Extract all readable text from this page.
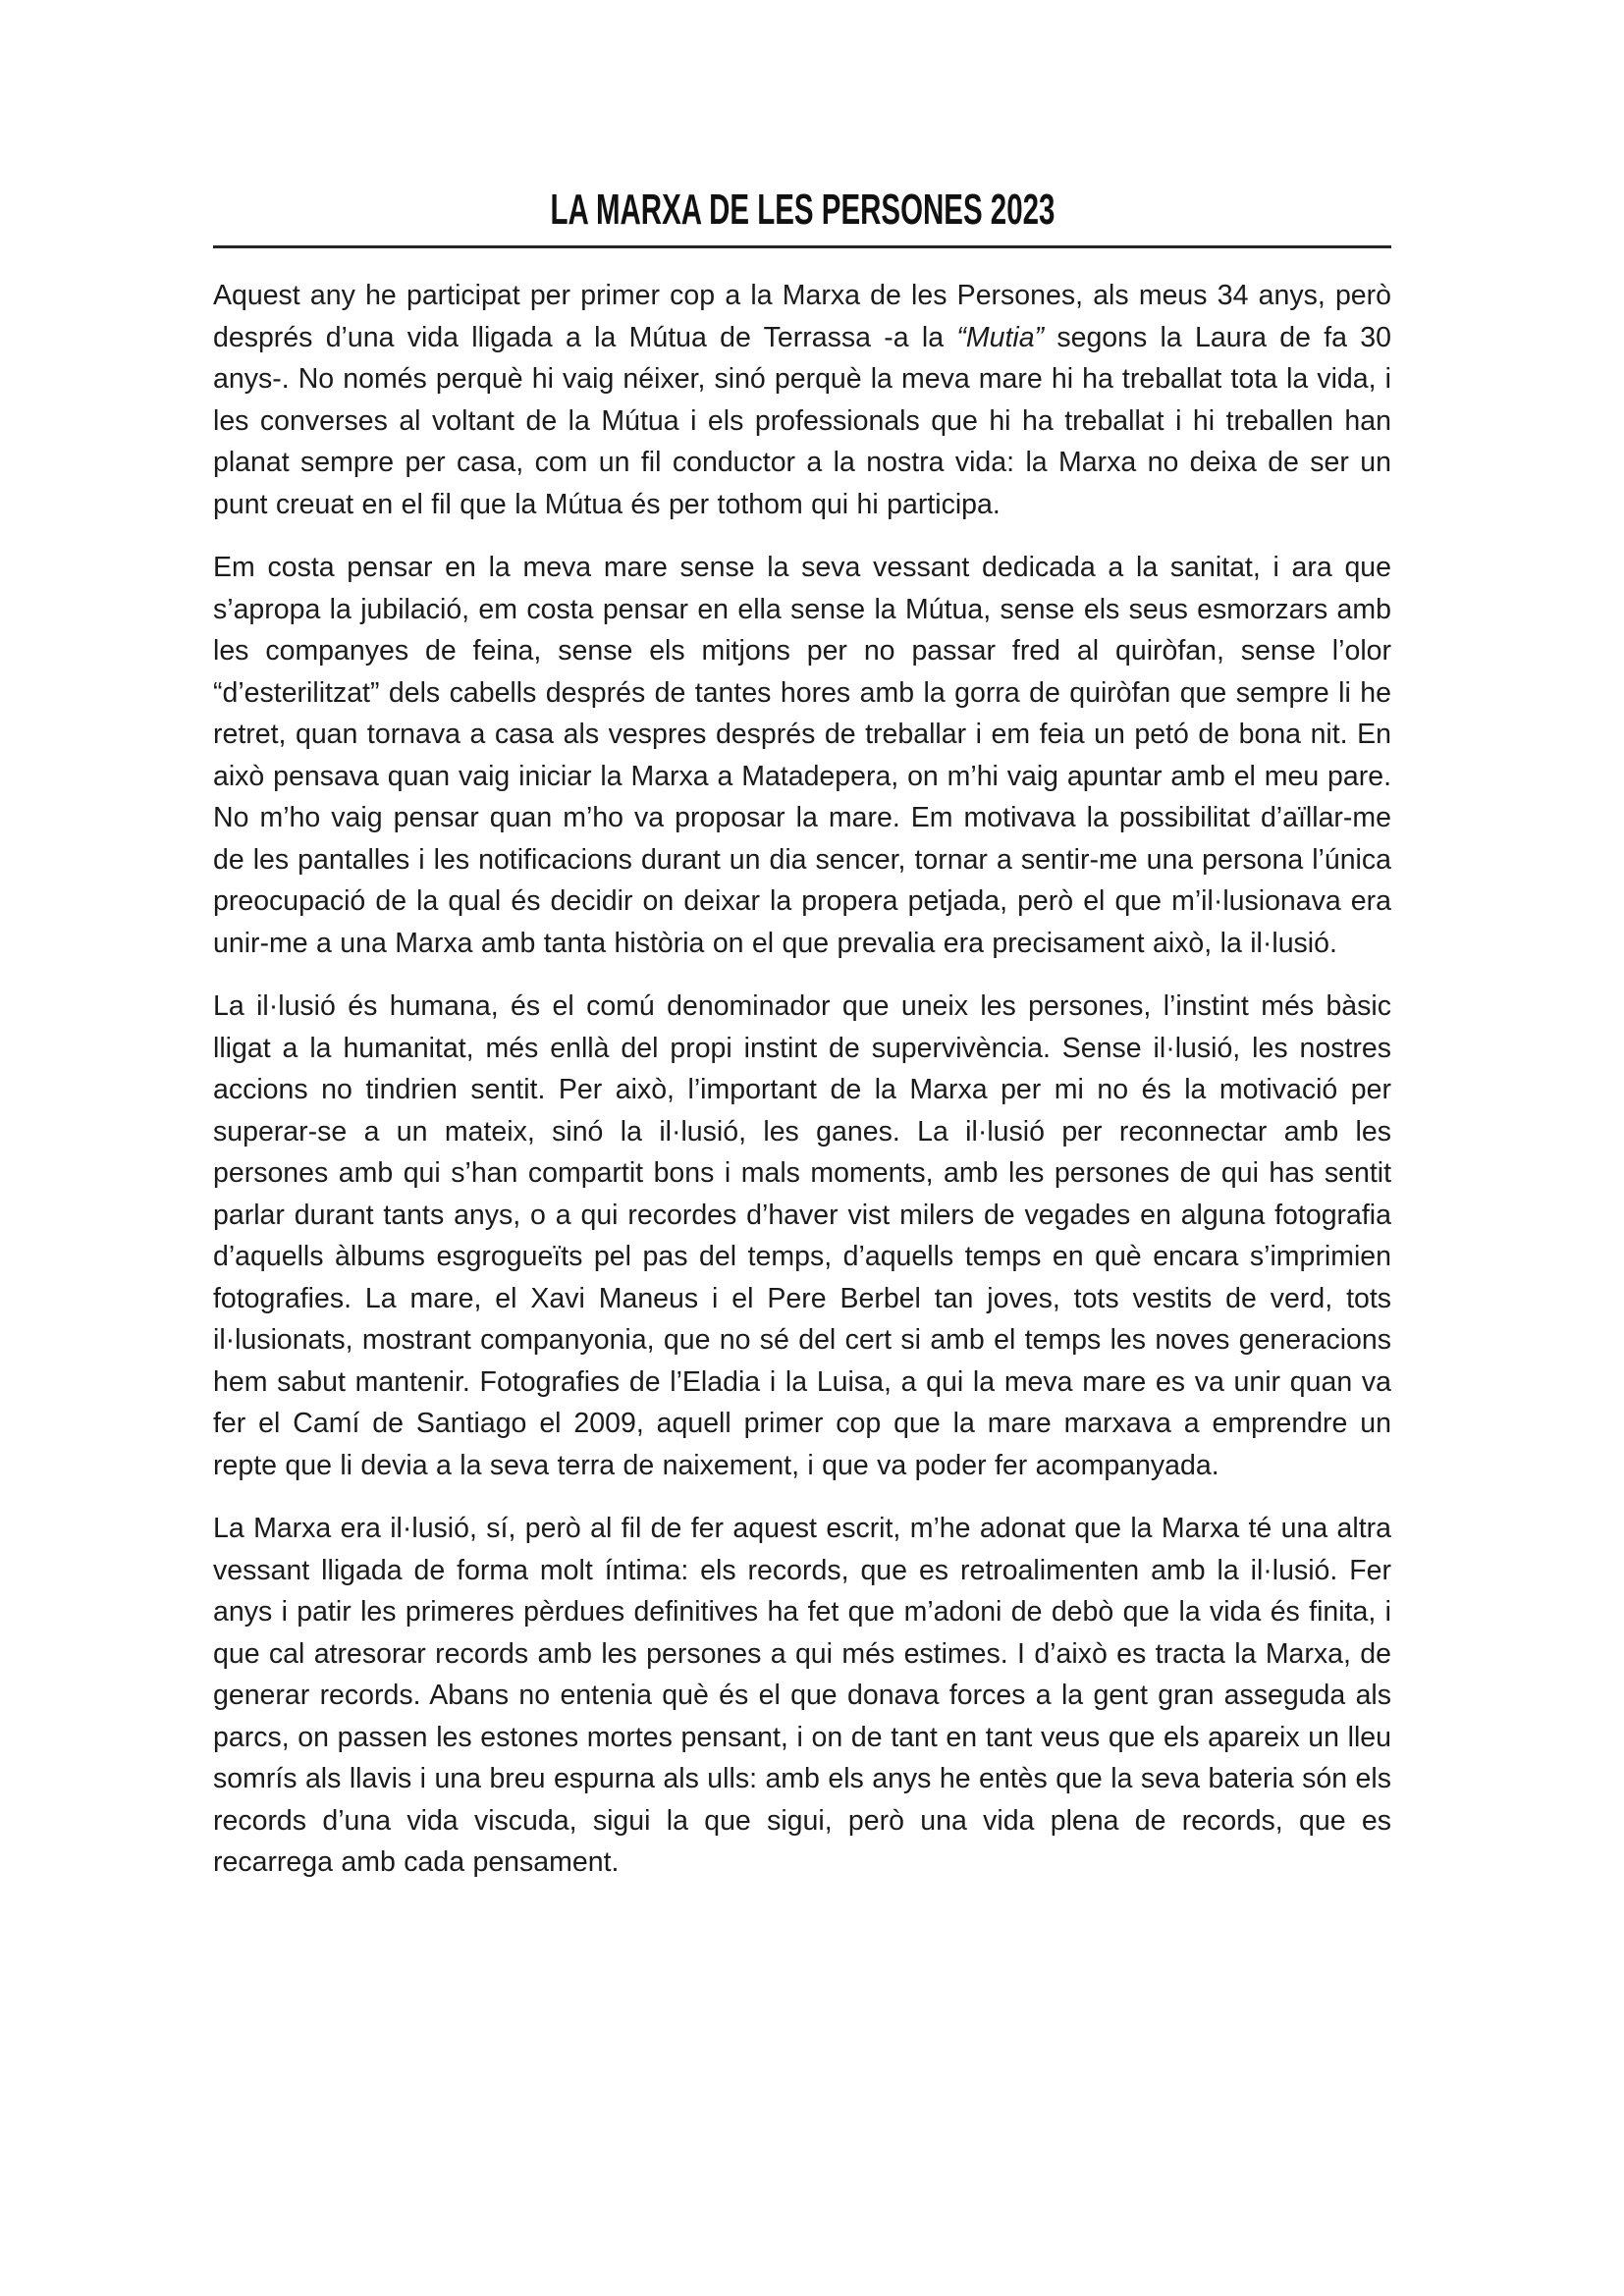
LA MARXA DE LES PERSONES 2023

Aquest any he participat per primer cop a la Marxa de les Persones, als meus 34 anys, però després d’una vida lligada a la Mútua de Terrassa -a la “Mutia” segons la Laura de fa 30 anys-. No només perquè hi vaig néixer, sinó perquè la meva mare hi ha treballat tota la vida, i les converses al voltant de la Mútua i els professionals que hi ha treballat i hi treballen han planat sempre per casa, com un fil conductor a la nostra vida: la Marxa no deixa de ser un punt creuat en el fil que la Mútua és per tothom qui hi participa.

Em costa pensar en la meva mare sense la seva vessant dedicada a la sanitat, i ara que s’apropa la jubilació, em costa pensar en ella sense la Mútua, sense els seus esmorzars amb les companyes de feina, sense els mitjons per no passar fred al quiròfan, sense l’olor “d’esterilitzat” dels cabells després de tantes hores amb la gorra de quiròfan que sempre li he retret, quan tornava a casa als vespres després de treballar i em feia un petó de bona nit. En això pensava quan vaig iniciar la Marxa a Matadepera, on m’hi vaig apuntar amb el meu pare. No m’ho vaig pensar quan m’ho va proposar la mare. Em motivava la possibilitat d’aïllar-me de les pantalles i les notificacions durant un dia sencer, tornar a sentir-me una persona l’única preocupació de la qual és decidir on deixar la propera petjada, però el que m’il·lusionava era unir-me a una Marxa amb tanta història on el que prevalia era precisament això, la il·lusió.

La il·lusió és humana, és el comú denominador que uneix les persones, l’instint més bàsic lligat a la humanitat, més enllà del propi instint de supervivència. Sense il·lusió, les nostres accions no tindrien sentit. Per això, l’important de la Marxa per mi no és la motivació per superar-se a un mateix, sinó la il·lusió, les ganes. La il·lusió per reconnectar amb les persones amb qui s’han compartit bons i mals moments, amb les persones de qui has sentit parlar durant tants anys, o a qui recordes d’haver vist milers de vegades en alguna fotografia d’aquells àlbums esgrogueïts pel pas del temps, d’aquells temps en què encara s’imprimien fotografies. La mare, el Xavi Maneus i el Pere Berbel tan joves, tots vestits de verd, tots il·lusionats, mostrant companyonia, que no sé del cert si amb el temps les noves generacions hem sabut mantenir. Fotografies de l’Eladia i la Luisa, a qui la meva mare es va unir quan va fer el Camí de Santiago el 2009, aquell primer cop que la mare marxava a emprendre un repte que li devia a la seva terra de naixement, i que va poder fer acompanyada.

La Marxa era il·lusió, sí, però al fil de fer aquest escrit, m’he adonat que la Marxa té una altra vessant lligada de forma molt íntima: els records, que es retroalimenten amb la il·lusió. Fer anys i patir les primeres pèrdues definitives ha fet que m’adoni de debò que la vida és finita, i que cal atresorar records amb les persones a qui més estimes. I d’això es tracta la Marxa, de generar records. Abans no entenia què és el que donava forces a la gent gran asseguda als parcs, on passen les estones mortes pensant, i on de tant en tant veus que els apareix un lleu somrís als llavis i una breu espurna als ulls: amb els anys he entès que la seva bateria són els records d’una vida viscuda, sigui la que sigui, però una vida plena de records, que es recarrega amb cada pensament.
